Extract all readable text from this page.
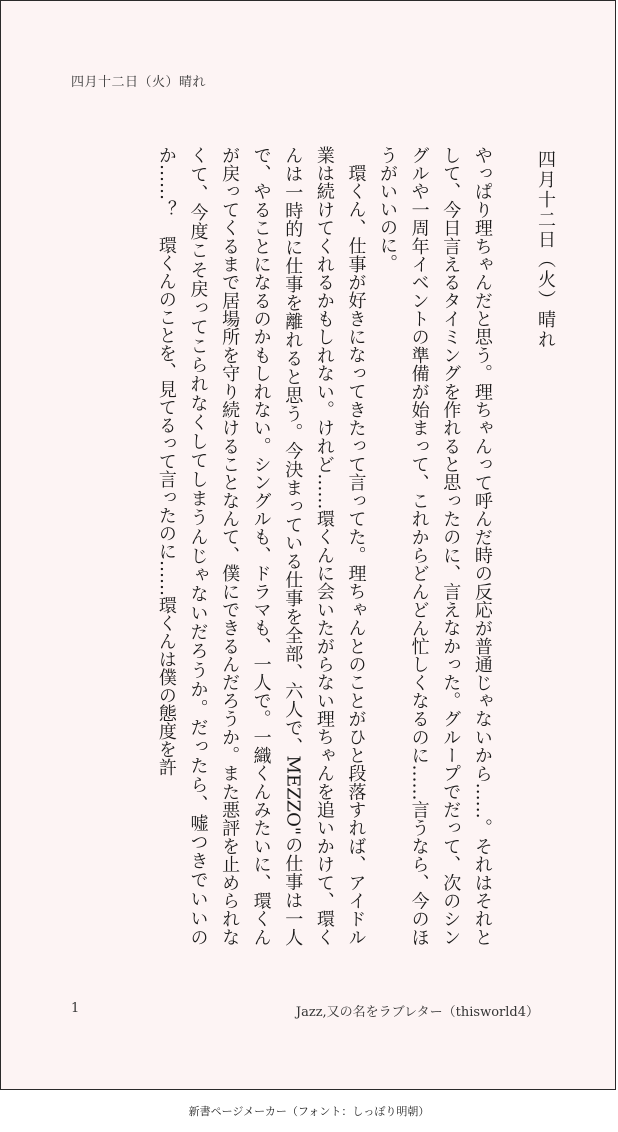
四月十二日（火）晴れ
四月十二日（火）晴れ

やっぱり理ちゃんだと思う。理ちゃんって呼んだ時の反応が普通じゃないから……。それはそれとして、今日言えるタイミングを作れると思ったのに、言えなかった。グループでだって、次のシングルや一周年イベントの準備が始まって、これからどんどん忙しくなるのに……言うなら、今のほうがいいのに。

環くん、仕事が好きになってきたって言ってた。理ちゃんとのことがひと段落すれば、アイドル業は続けてくれるかもしれない。けれど……環くんに会いたがらない理ちゃんを追いかけて、環くんは一時的に仕事を離れると思う。今決まっている仕事を全部、六人で、MEZZO"の仕事は一人で、やることになるのかもしれない。シングルも、ドラマも、一人で。一織くんみたいに、環くんが戻ってくるまで居場所を守り続けることなんて、僕にできるんだろうか。また悪評を止められなくて、今度こそ戻ってこられなくしてしまうんじゃないだろうか。だったら、嘘つきでいいのか……？　環くんのことを、見てるって言ったのに……環くんは僕の態度を許

1	Jazz,又の名をラブレター（thisworld4）
新書ページメーカー（フォント：しっぽり明朝）
